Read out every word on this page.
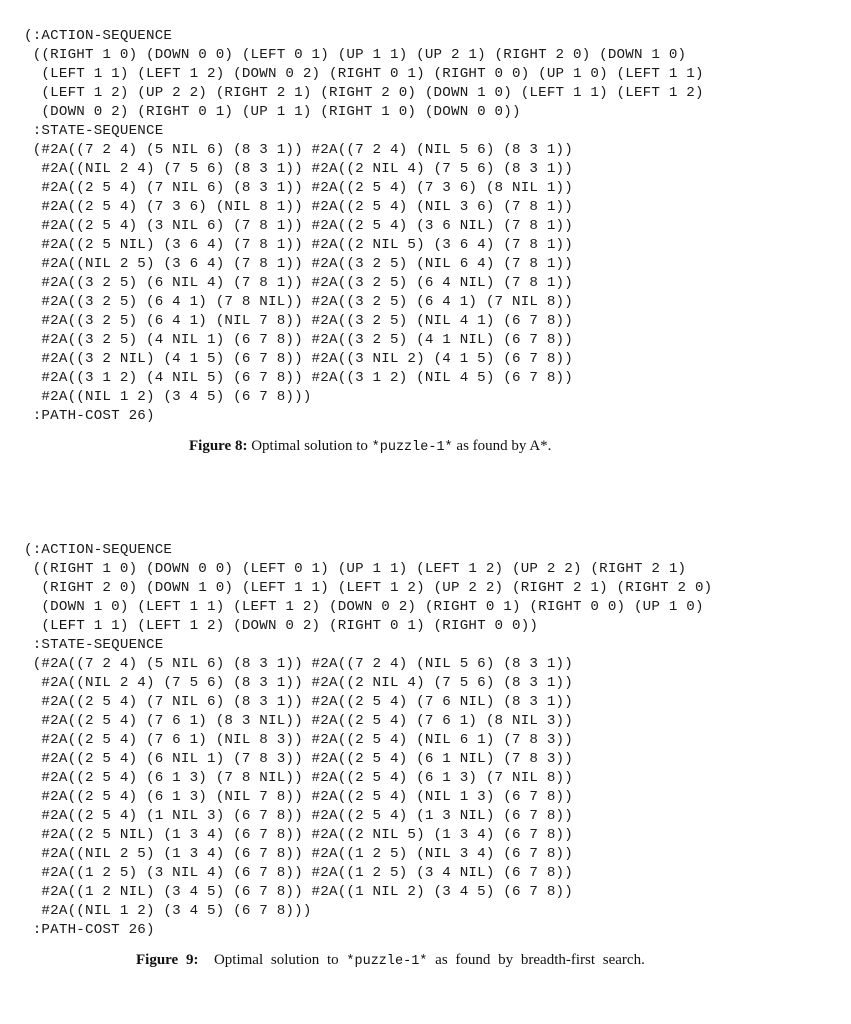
(:ACTION-SEQUENCE
((RIGHT 1 0) (DOWN 0 0) (LEFT 0 1) (UP 1 1) (UP 2 1) (RIGHT 2 0) (DOWN 1 0)
(LEFT 1 1) (LEFT 1 2) (DOWN 0 2) (RIGHT 0 1) (RIGHT 0 0) (UP 1 0) (LEFT 1 1)
(LEFT 1 2) (UP 2 2) (RIGHT 2 1) (RIGHT 2 0) (DOWN 1 0) (LEFT 1 1) (LEFT 1 2)
(DOWN 0 2) (RIGHT 0 1) (UP 1 1) (RIGHT 1 0) (DOWN 0 0))
:STATE-SEQUENCE
(#2A((7 2 4) (5 NIL 6) (8 3 1)) #2A((7 2 4) (NIL 5 6) (8 3 1))
#2A((NIL 2 4) (7 5 6) (8 3 1)) #2A((2 NIL 4) (7 5 6) (8 3 1))
#2A((2 5 4) (7 NIL 6) (8 3 1)) #2A((2 5 4) (7 3 6) (8 NIL 1))
#2A((2 5 4) (7 3 6) (NIL 8 1)) #2A((2 5 4) (NIL 3 6) (7 8 1))
#2A((2 5 4) (3 NIL 6) (7 8 1)) #2A((2 5 4) (3 6 NIL) (7 8 1))
#2A((2 5 NIL) (3 6 4) (7 8 1)) #2A((2 NIL 5) (3 6 4) (7 8 1))
#2A((NIL 2 5) (3 6 4) (7 8 1)) #2A((3 2 5) (NIL 6 4) (7 8 1))
#2A((3 2 5) (6 NIL 4) (7 8 1)) #2A((3 2 5) (6 4 NIL) (7 8 1))
#2A((3 2 5) (6 4 1) (7 8 NIL)) #2A((3 2 5) (6 4 1) (7 NIL 8))
#2A((3 2 5) (6 4 1) (NIL 7 8)) #2A((3 2 5) (NIL 4 1) (6 7 8))
#2A((3 2 5) (4 NIL 1) (6 7 8)) #2A((3 2 5) (4 1 NIL) (6 7 8))
#2A((3 2 NIL) (4 1 5) (6 7 8)) #2A((3 NIL 2) (4 1 5) (6 7 8))
#2A((3 1 2) (4 NIL 5) (6 7 8)) #2A((3 1 2) (NIL 4 5) (6 7 8))
#2A((NIL 1 2) (3 4 5) (6 7 8)))
:PATH-COST 26)
Figure 8: Optimal solution to *puzzle-1* as found by A*.
(:ACTION-SEQUENCE
((RIGHT 1 0) (DOWN 0 0) (LEFT 0 1) (UP 1 1) (LEFT 1 2) (UP 2 2) (RIGHT 2 1)
(RIGHT 2 0) (DOWN 1 0) (LEFT 1 1) (LEFT 1 2) (UP 2 2) (RIGHT 2 1) (RIGHT 2 0)
(DOWN 1 0) (LEFT 1 1) (LEFT 1 2) (DOWN 0 2) (RIGHT 0 1) (RIGHT 0 0) (UP 1 0)
(LEFT 1 1) (LEFT 1 2) (DOWN 0 2) (RIGHT 0 1) (RIGHT 0 0))
:STATE-SEQUENCE
(#2A((7 2 4) (5 NIL 6) (8 3 1)) #2A((7 2 4) (NIL 5 6) (8 3 1))
#2A((NIL 2 4) (7 5 6) (8 3 1)) #2A((2 NIL 4) (7 5 6) (8 3 1))
#2A((2 5 4) (7 NIL 6) (8 3 1)) #2A((2 5 4) (7 6 NIL) (8 3 1))
#2A((2 5 4) (7 6 1) (8 3 NIL)) #2A((2 5 4) (7 6 1) (8 NIL 3))
#2A((2 5 4) (7 6 1) (NIL 8 3)) #2A((2 5 4) (NIL 6 1) (7 8 3))
#2A((2 5 4) (6 NIL 1) (7 8 3)) #2A((2 5 4) (6 1 NIL) (7 8 3))
#2A((2 5 4) (6 1 3) (7 8 NIL)) #2A((2 5 4) (6 1 3) (7 NIL 8))
#2A((2 5 4) (6 1 3) (NIL 7 8)) #2A((2 5 4) (NIL 1 3) (6 7 8))
#2A((2 5 4) (1 NIL 3) (6 7 8)) #2A((2 5 4) (1 3 NIL) (6 7 8))
#2A((2 5 NIL) (1 3 4) (6 7 8)) #2A((2 NIL 5) (1 3 4) (6 7 8))
#2A((NIL 2 5) (1 3 4) (6 7 8)) #2A((1 2 5) (NIL 3 4) (6 7 8))
#2A((1 2 5) (3 NIL 4) (6 7 8)) #2A((1 2 5) (3 4 NIL) (6 7 8))
#2A((1 2 NIL) (3 4 5) (6 7 8)) #2A((1 NIL 2) (3 4 5) (6 7 8))
#2A((NIL 1 2) (3 4 5) (6 7 8)))
:PATH-COST 26)
Figure 9: Optimal solution to *puzzle-1* as found by breadth-first search.
